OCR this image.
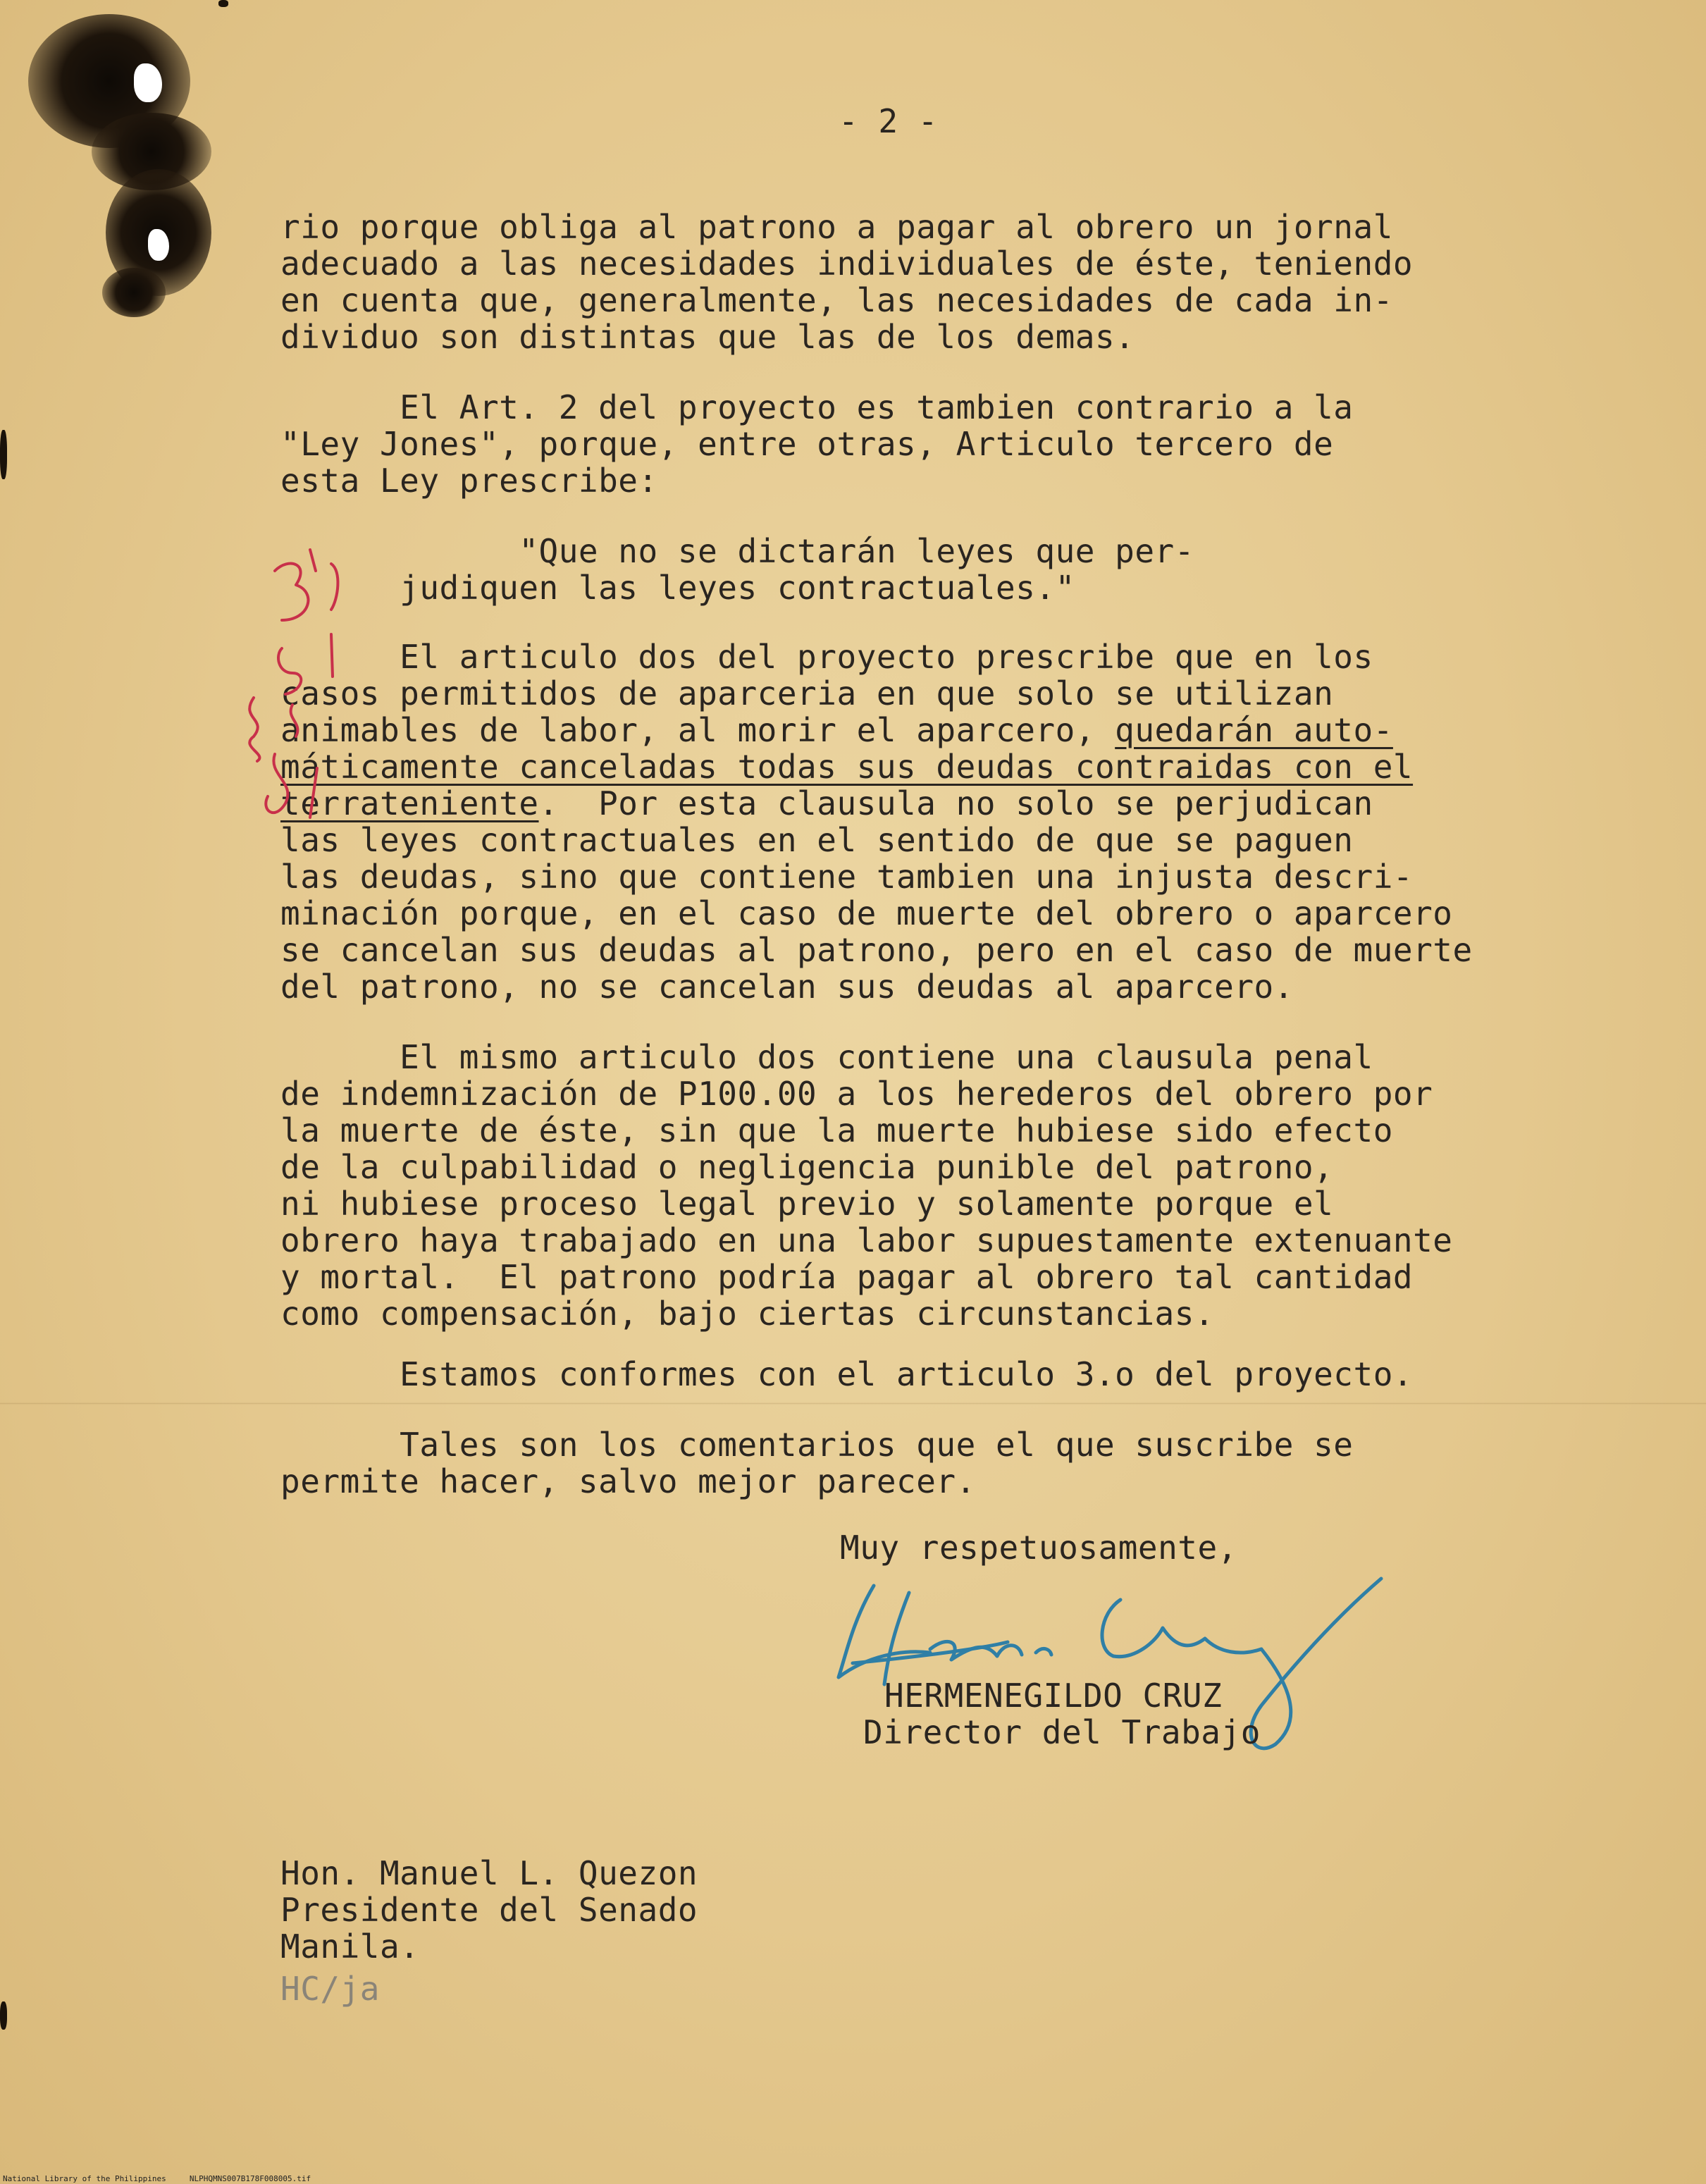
- 2 -
rio porque obliga al patrono a pagar al obrero un jornal
adecuado a las necesidades individuales de éste, teniendo
en cuenta que, generalmente, las necesidades de cada in-
dividuo son distintas que las de los demas.
El Art. 2 del proyecto es tambien contrario a la
"Ley Jones", porque, entre otras, Articulo tercero de
esta Ley prescribe:
"Que no se dictarán leyes que per-
judiquen las leyes contractuales."
El articulo dos del proyecto prescribe que en los
casos permitidos de aparceria en que solo se utilizan
animables de labor, al morir el aparcero, quedarán auto-
máticamente canceladas todas sus deudas contraidas con el
terrateniente.  Por esta clausula no solo se perjudican
las leyes contractuales en el sentido de que se paguen
las deudas, sino que contiene tambien una injusta descri-
minación porque, en el caso de muerte del obrero o aparcero
se cancelan sus deudas al patrono, pero en el caso de muerte
del patrono, no se cancelan sus deudas al aparcero.
El mismo articulo dos contiene una clausula penal
de indemnización de P100.00 a los herederos del obrero por
la muerte de éste, sin que la muerte hubiese sido efecto
de la culpabilidad o negligencia punible del patrono,
ni hubiese proceso legal previo y solamente porque el
obrero haya trabajado en una labor supuestamente extenuante
y mortal.  El patrono podría pagar al obrero tal cantidad
como compensación, bajo ciertas circunstancias.
Estamos conformes con el articulo 3.o del proyecto.
Tales son los comentarios que el que suscribe se
permite hacer, salvo mejor parecer.
Muy respetuosamente,
HERMENEGILDO CRUZ
Director del Trabajo
Hon. Manuel L. Quezon
Presidente del Senado
Manila.
HC/ja
National Library of the Philippines     NLPHQMNS007B178F008005.tif
